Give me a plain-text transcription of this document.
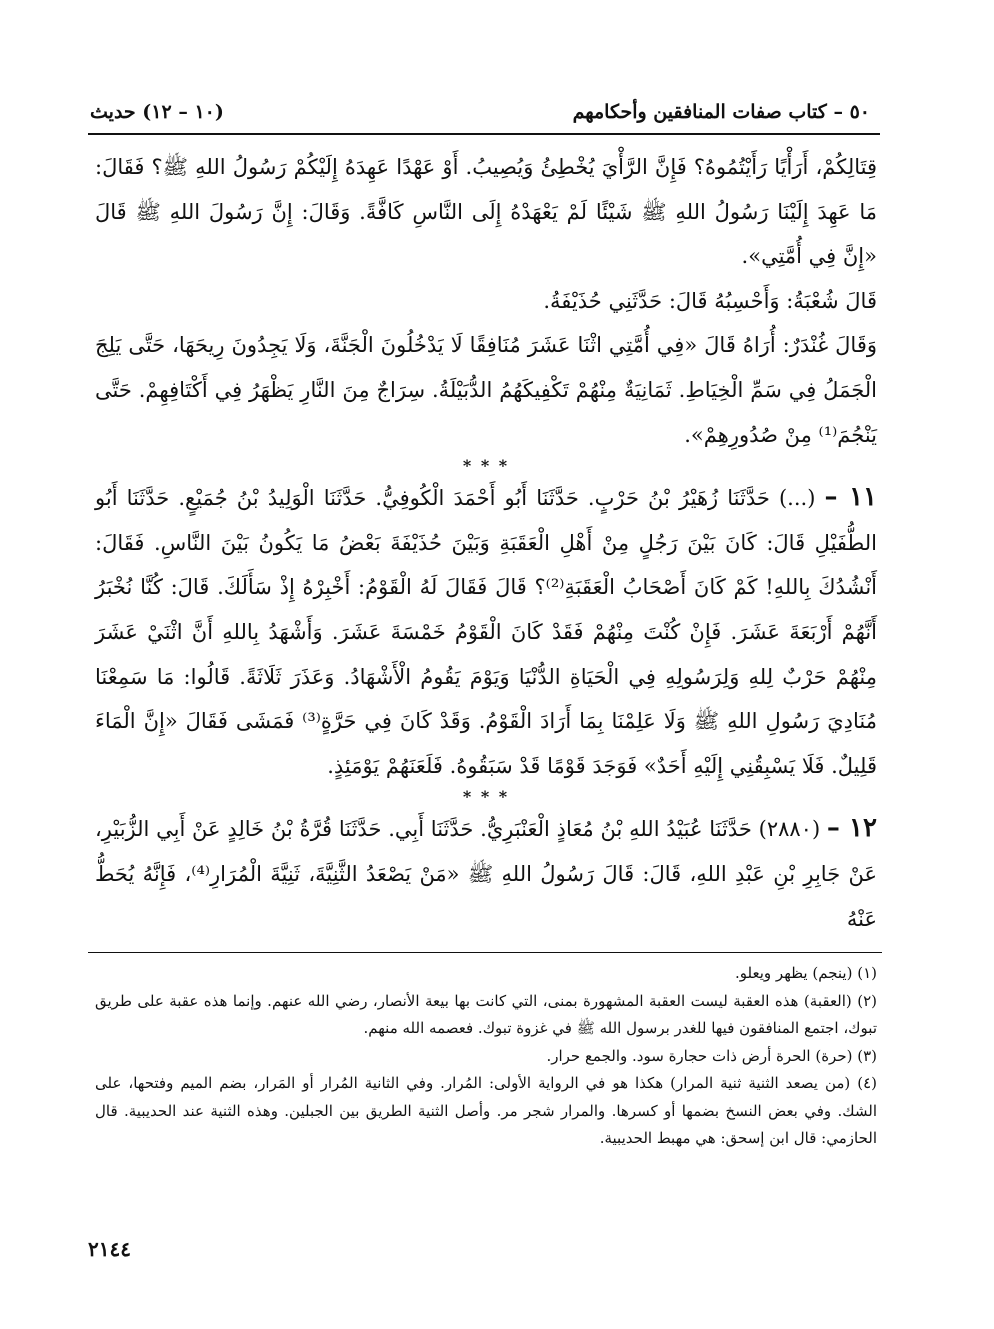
٥٠ – كتاب صفات المنافقين وأحكامهم
(١٠ – ١٢) حديث

قِتَالِكُمْ، أَرَأْيًا رَأَيْتُمُوهُ؟ فَإِنَّ الرَّأْيَ يُخْطِئُ وَيُصِيبُ. أَوْ عَهْدًا عَهِدَهُ إِلَيْكُمْ رَسُولُ اللهِ ﷺ؟ فَقَالَ: مَا عَهِدَ إِلَيْنَا رَسُولُ اللهِ ﷺ شَيْئًا لَمْ يَعْهَدْهُ إِلَى النَّاسِ كَافَّةً. وَقَالَ: إِنَّ رَسُولَ اللهِ ﷺ قَالَ «إِنَّ فِي أُمَّتِي».

قَالَ شُعْبَةُ: وَأَحْسِبُهُ قَالَ: حَدَّثَنِي حُذَيْفَةُ.

وَقَالَ غُنْدَرٌ: أُرَاهُ قَالَ «فِي أُمَّتِي اثْنَا عَشَرَ مُنَافِقًا لَا يَدْخُلُونَ الْجَنَّةَ، وَلَا يَجِدُونَ رِيحَهَا، حَتَّى يَلِجَ الْجَمَلُ فِي سَمِّ الْخِيَاطِ. ثَمَانِيَةٌ مِنْهُمْ تَكْفِيكَهُمُ الدُّبَيْلَةُ. سِرَاجٌ مِنَ النَّارِ يَظْهَرُ فِي أَكْتَافِهِمْ. حَتَّى يَنْجُمَ⁽¹⁾ مِنْ صُدُورِهِمْ».

* * *

١١ – (...) حَدَّثَنَا زُهَيْرُ بْنُ حَرْبٍ. حَدَّثَنَا أَبُو أَحْمَدَ الْكُوفِيُّ. حَدَّثَنَا الْوَلِيدُ بْنُ جُمَيْعٍ. حَدَّثَنَا أَبُو الطُّفَيْلِ قَالَ: كَانَ بَيْنَ رَجُلٍ مِنْ أَهْلِ الْعَقَبَةِ وَبَيْنَ حُذَيْفَةَ بَعْضُ مَا يَكُونُ بَيْنَ النَّاسِ. فَقَالَ: أَنْشُدُكَ بِاللهِ! كَمْ كَانَ أَصْحَابُ الْعَقَبَةِ⁽²⁾؟ قَالَ فَقَالَ لَهُ الْقَوْمُ: أَخْبِرْهُ إِذْ سَأَلَكَ. قَالَ: كُنَّا نُخْبَرُ أَنَّهُمْ أَرْبَعَةَ عَشَرَ. فَإِنْ كُنْتَ مِنْهُمْ فَقَدْ كَانَ الْقَوْمُ خَمْسَةَ عَشَرَ. وَأَشْهَدُ بِاللهِ أَنَّ اثْنَيْ عَشَرَ مِنْهُمْ حَرْبٌ لِلهِ وَلِرَسُولِهِ فِي الْحَيَاةِ الدُّنْيَا وَيَوْمَ يَقُومُ الْأَشْهَادُ. وَعَذَرَ ثَلَاثَةً. قَالُوا: مَا سَمِعْنَا مُنَادِيَ رَسُولِ اللهِ ﷺ وَلَا عَلِمْنَا بِمَا أَرَادَ الْقَوْمُ. وَقَدْ كَانَ فِي حَرَّةٍ⁽³⁾ فَمَشَى فَقَالَ «إِنَّ الْمَاءَ قَلِيلٌ. فَلَا يَسْبِقُنِي إِلَيْهِ أَحَدٌ» فَوَجَدَ قَوْمًا قَدْ سَبَقُوهُ. فَلَعَنَهُمْ يَوْمَئِذٍ.

* * *

١٢ – (٢٨٨٠) حَدَّثَنَا عُبَيْدُ اللهِ بْنُ مُعَاذٍ الْعَنْبَرِيُّ. حَدَّثَنَا أَبِي. حَدَّثَنَا قُرَّةُ بْنُ خَالِدٍ عَنْ أَبِي الزُّبَيْرِ، عَنْ جَابِرِ بْنِ عَبْدِ اللهِ، قَالَ: قَالَ رَسُولُ اللهِ ﷺ «مَنْ يَصْعَدُ الثَّنِيَّةَ، ثَنِيَّةَ الْمُرَارِ⁽⁴⁾، فَإِنَّهُ يُحَطُّ عَنْهُ

(١) (ينجم) يظهر ويعلو.

(٢) (العقبة) هذه العقبة ليست العقبة المشهورة بمنى، التي كانت بها بيعة الأنصار، رضي الله عنهم. وإنما هذه عقبة على طريق تبوك، اجتمع المنافقون فيها للغدر برسول الله ﷺ في غزوة تبوك. فعصمه الله منهم.

(٣) (حرة) الحرة أرض ذات حجارة سود. والجمع حرار.

(٤) (من يصعد الثنية ثنية المرار) هكذا هو في الرواية الأولى: المُرار. وفي الثانية المُرار أو المَرار، بضم الميم وفتحها، على الشك. وفي بعض النسخ بضمها أو كسرها. والمرار شجر مر. وأصل الثنية الطريق بين الجبلين. وهذه الثنية عند الحديبية. قال الحازمي: قال ابن إسحق: هي مهبط الحديبية.

٢١٤٤
